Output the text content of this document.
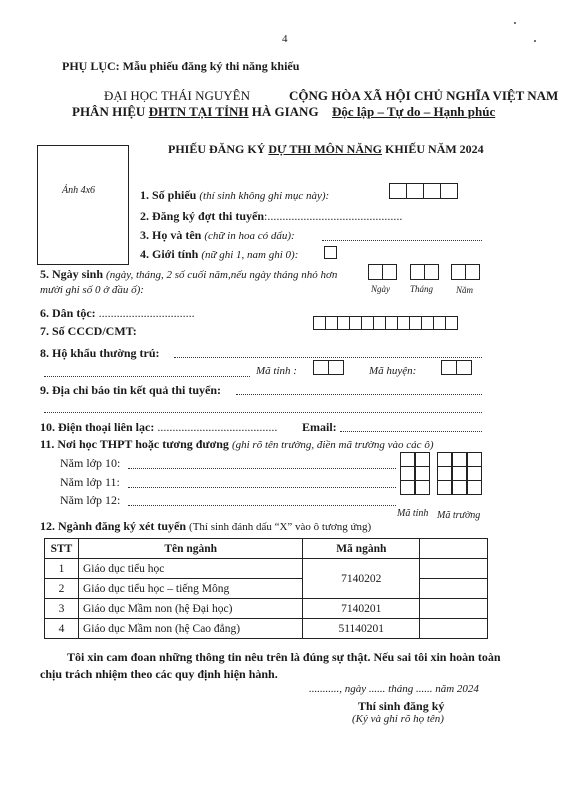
4
PHỤ LỤC: Mẫu phiếu đăng ký thi năng khiếu
ĐẠI HỌC THÁI NGUYÊN
PHÂN HIỆU ĐHTN TẠI TỈNH HÀ GIANG
CỘNG HÒA XÃ HỘI CHỦ NGHĨA VIỆT NAM
Độc lập – Tự do – Hạnh phúc
PHIẾU ĐĂNG KÝ DỰ THI MÔN NĂNG KHIẾU NĂM 2024
Ảnh 4x6	1. Số phiếu (thí sinh không ghi mục này):
2. Đăng ký đợt thi tuyển:.............................................
3. Họ và tên (chữ in hoa có dấu):
4. Giới tính (nữ ghi 1, nam ghi 0):
5. Ngày sinh (ngày, tháng, 2 số cuối năm,nếu ngày tháng nhỏ hơn
mười ghi số 0 ở đầu ố):	Ngày Tháng	Năm
6. Dân tộc: ................................
7. Số CCCD/CMT:
8. Hộ khẩu thường trú:
Mã tỉnh :	Mã huyện:
9. Địa chỉ báo tin kết quả thi tuyển:
10. Điện thoại liên lạc: ........................................ Email:
11. Nơi học THPT hoặc tương đương (ghi rõ tên trường, điền mã trường vào các ô)
Năm lớp 10:
Năm lớp 11:
Năm lớp 12:
Mã tỉnh Mã trường
12. Ngành đăng ký xét tuyển (Thí sinh đánh dấu “X” vào ô tương ứng)
STT	Tên ngành	Mã ngành	
1	Giáo dục tiểu học	7140202	
2	Giáo dục tiểu học – tiếng Mông		
3	Giáo dục Mầm non (hệ Đại học)	7140201	
4	Giáo dục Mầm non (hệ Cao đẳng)	51140201	
Tôi xin cam đoan những thông tin nêu trên là đúng sự thật. Nếu sai tôi xin hoàn toàn
chịu trách nhiệm theo các quy định hiện hành.
..........., ngày ...... tháng ...... năm 2024
Thí sinh đăng ký
(Ký và ghi rõ họ tên)
